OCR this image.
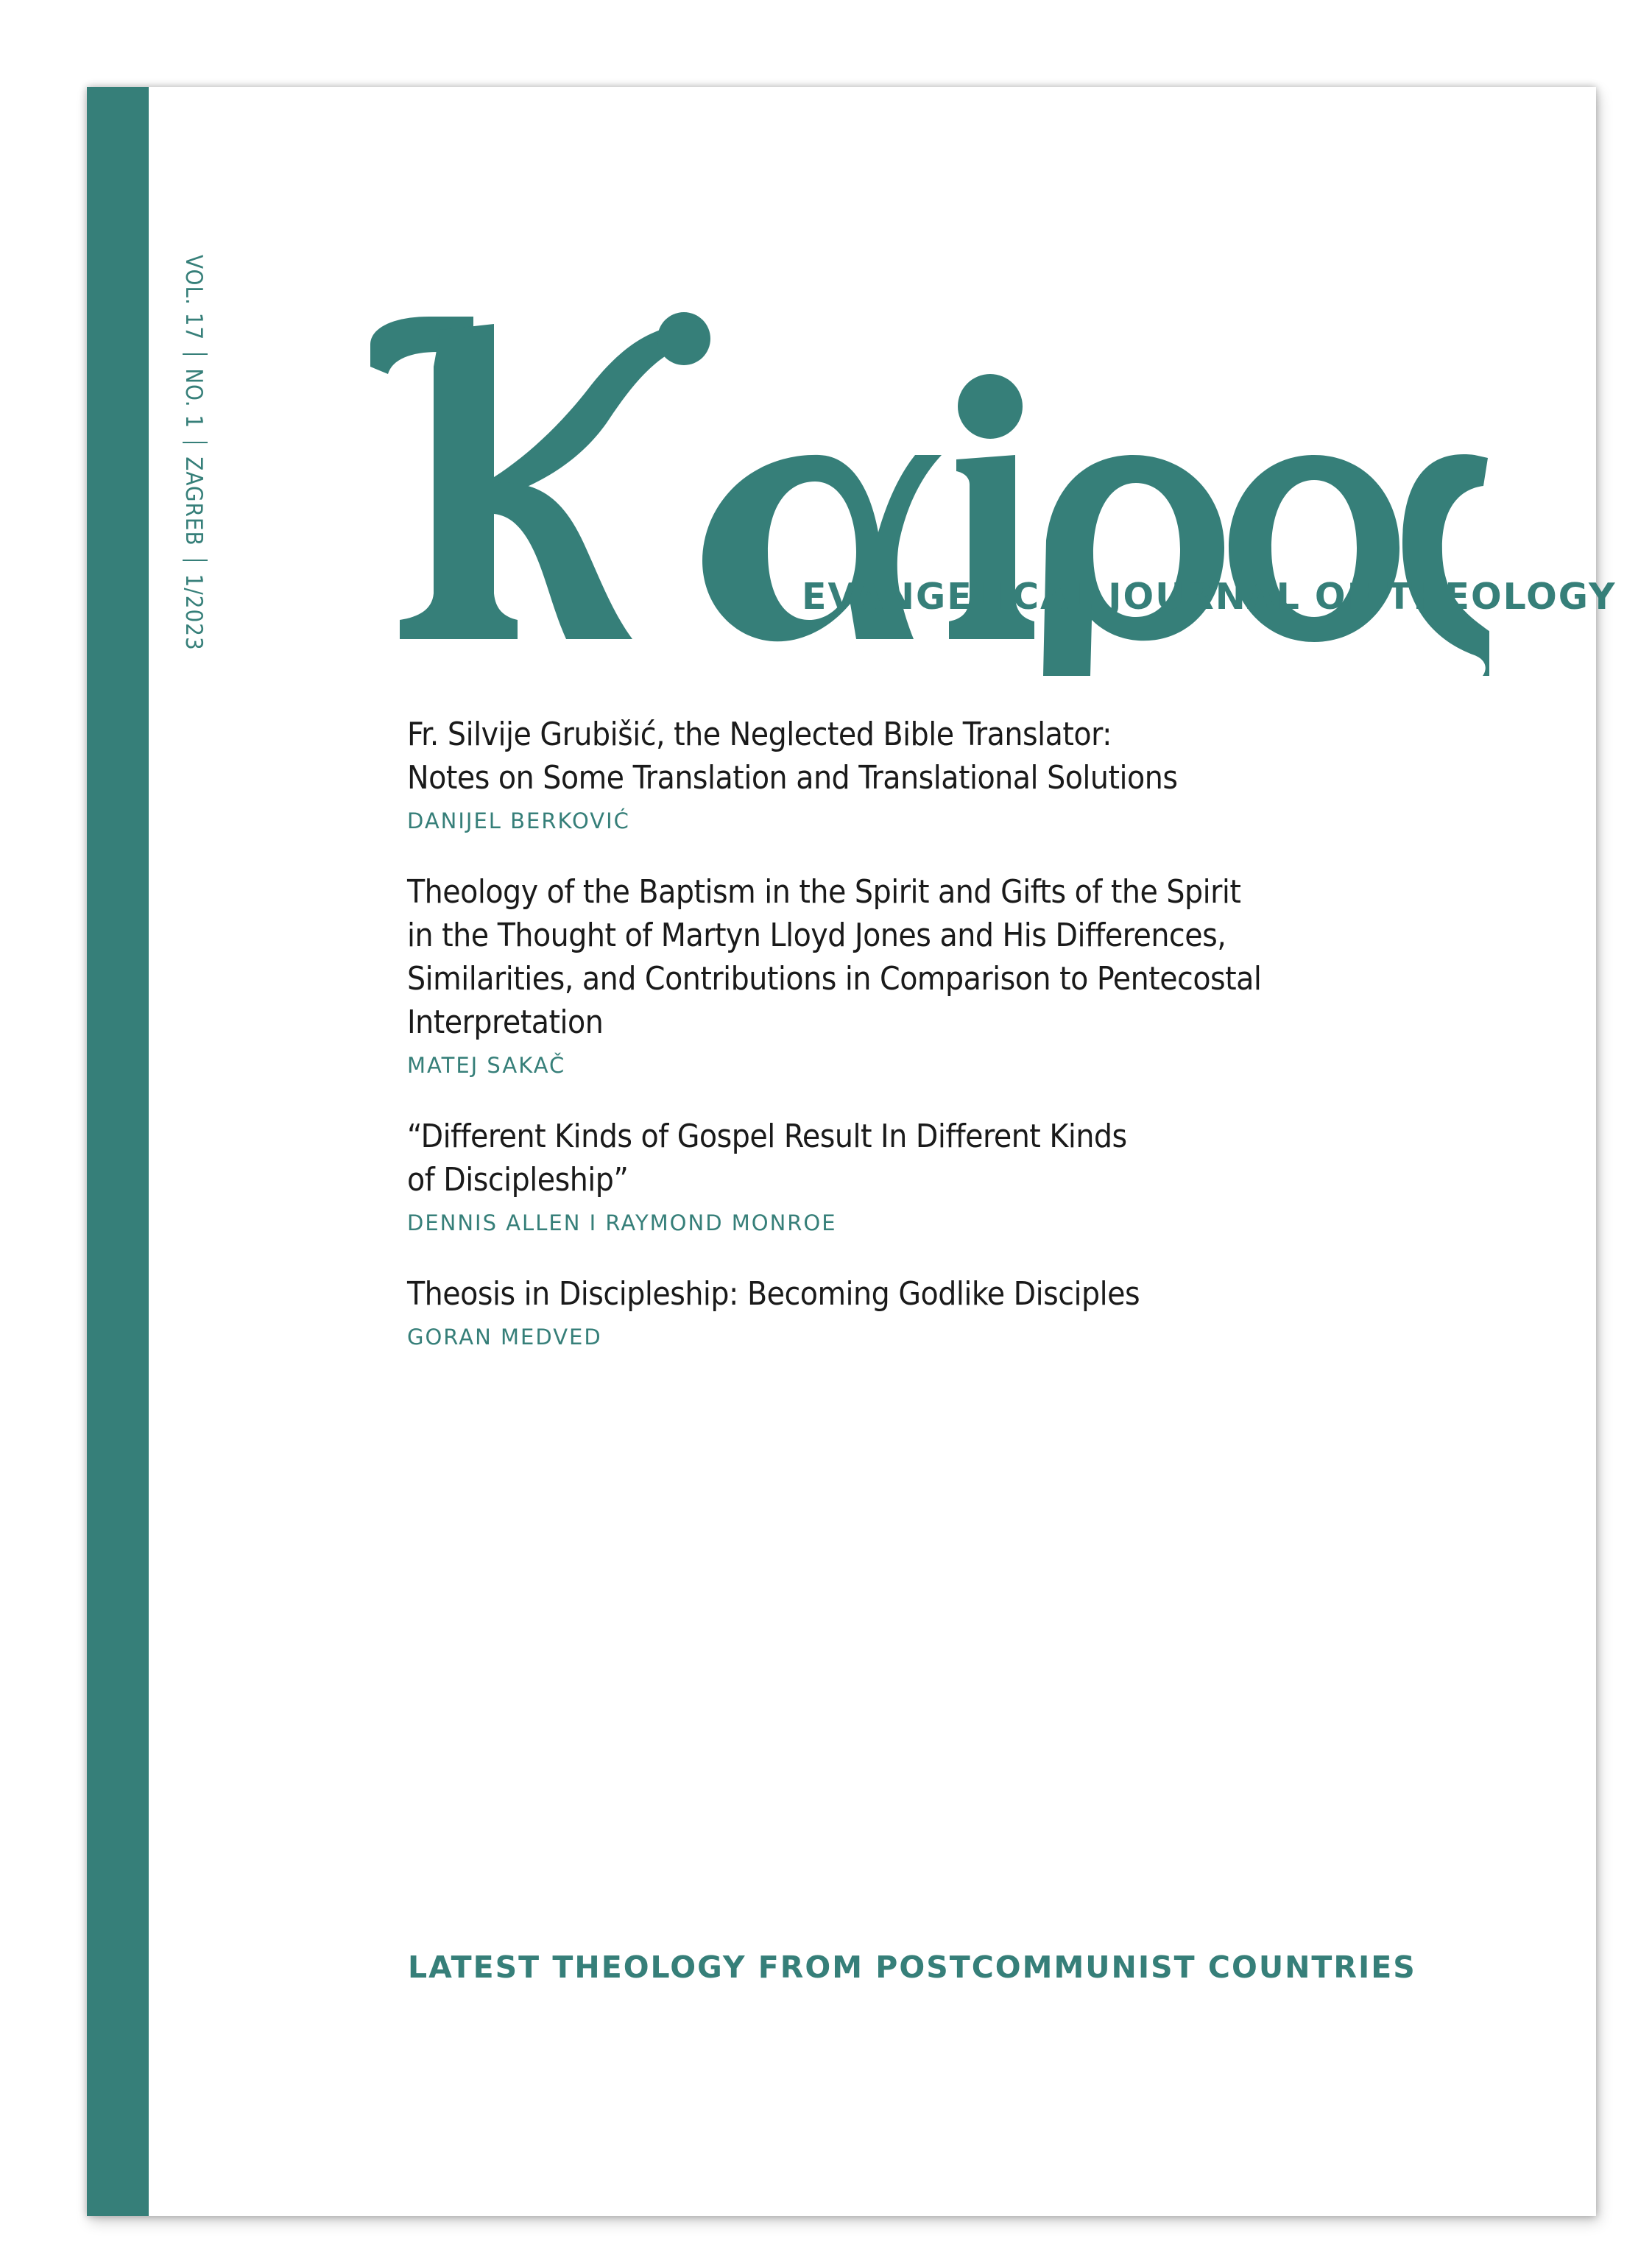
VOL. 17NO. 1ZAGREB1/2023	EVANGELICAL JOURNAL OF THEOLOGY
Fr. Silvije Grubišić, the Neglected Bible Translator:
Notes on Some Translation and Translational Solutions
DANIJEL BERKOVIĆ
Theology of the Baptism in the Spirit and Gifts of the Spirit
in the Thought of Martyn Lloyd Jones and His Differences,
Similarities, and Contributions in Comparison to Pentecostal
Interpretation
MATEJ SAKAČ
“Different Kinds of Gospel Result In Different Kinds
of Discipleship”
DENNIS ALLEN I RAYMOND MONROE
Theosis in Discipleship: Becoming Godlike Disciples
GORAN MEDVED
LATEST THEOLOGY FROM POSTCOMMUNIST COUNTRIES
